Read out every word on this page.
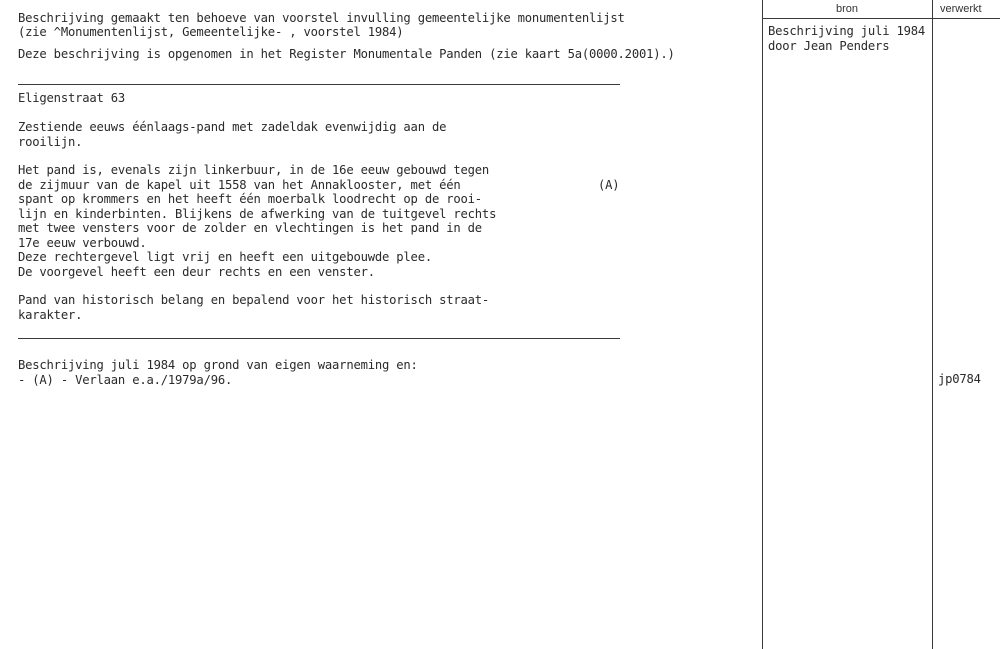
bron	verwerkt
Beschrijving gemaakt ten behoeve van voorstel invulling gemeentelijke monumentenlijst
(zie ^Monumentenlijst, Gemeentelijke- , voorstel 1984)
Deze beschrijving is opgenomen in het Register Monumentale Panden (zie kaart 5a(0000.2001).)
Eligenstraat 63
Zestiende eeuws éénlaags-pand met zadeldak evenwijdig aan de
rooilijn.
Het pand is, evenals zijn linkerbuur, in de 16e eeuw gebouwd tegen
de zijmuur van de kapel uit 1558 van het Annaklooster, met één
spant op krommers en het heeft één moerbalk loodrecht op de rooi-
lijn en kinderbinten. Blijkens de afwerking van de tuitgevel rechts
met twee vensters voor de zolder en vlechtingen is het pand in de
17e eeuw verbouwd.
Deze rechtergevel ligt vrij en heeft een uitgebouwde plee.
De voorgevel heeft een deur rechts en een venster.
(A)
Pand van historisch belang en bepalend voor het historisch straat-
karakter.
Beschrijving juli 1984 op grond van eigen waarneming en:
- (A) - Verlaan e.a./1979a/96.
Beschrijving juli 1984
door Jean Penders
jp0784
